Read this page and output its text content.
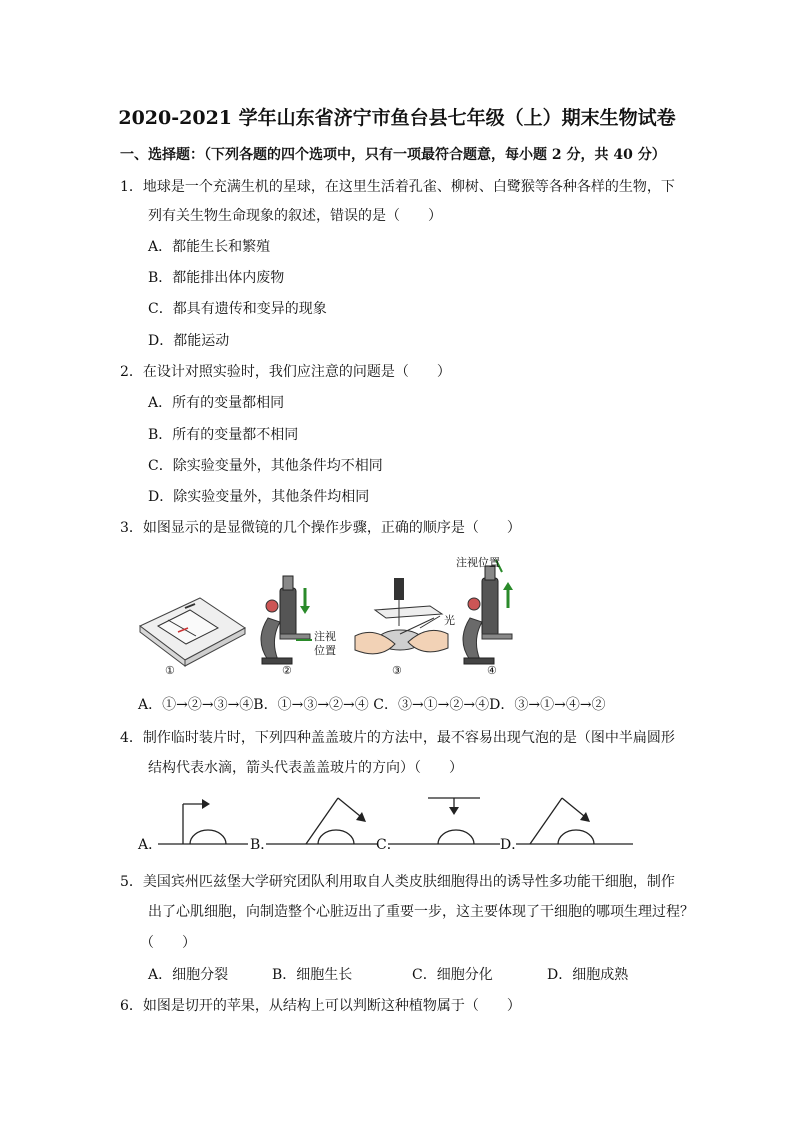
2020-2021 学年山东省济宁市鱼台县七年级（上）期末生物试卷
一、选择题：（下列各题的四个选项中，只有一项最符合题意，每小题 2 分，共 40 分）
1．地球是一个充满生机的星球，在这里生活着孔雀、柳树、白鹭猴等各种各样的生物，下
列有关生物生命现象的叙述，错误的是（　　）
A．都能生长和繁殖
B．都能排出体内废物
C．都具有遗传和变异的现象
D．都能运动
2．在设计对照实验时，我们应注意的问题是（　　）
A．所有的变量都相同
B．所有的变量都不相同
C．除实验变量外，其他条件均不相同
D．除实验变量外，其他条件均相同
3．如图显示的是显微镜的几个操作步骤，正确的顺序是（　　）
注视位置
注视
位置
光
①	②	③	④
A．①→②→③→④B．①→③→②→④ C．③→①→②→④D．③→①→④→②
4．制作临时装片时，下列四种盖盖玻片的方法中，最不容易出现气泡的是（图中半扁圆形
结构代表水滴，箭头代表盖盖玻片的方向）（　　）
A．	B．	C．	D．
5．美国宾州匹兹堡大学研究团队利用取自人类皮肤细胞得出的诱导性多功能干细胞，制作
出了心肌细胞，向制造整个心脏迈出了重要一步，这主要体现了干细胞的哪项生理过程？
（　　）
A．细胞分裂	B．细胞生长	C．细胞分化	D．细胞成熟
6．如图是切开的苹果，从结构上可以判断这种植物属于（　　）
